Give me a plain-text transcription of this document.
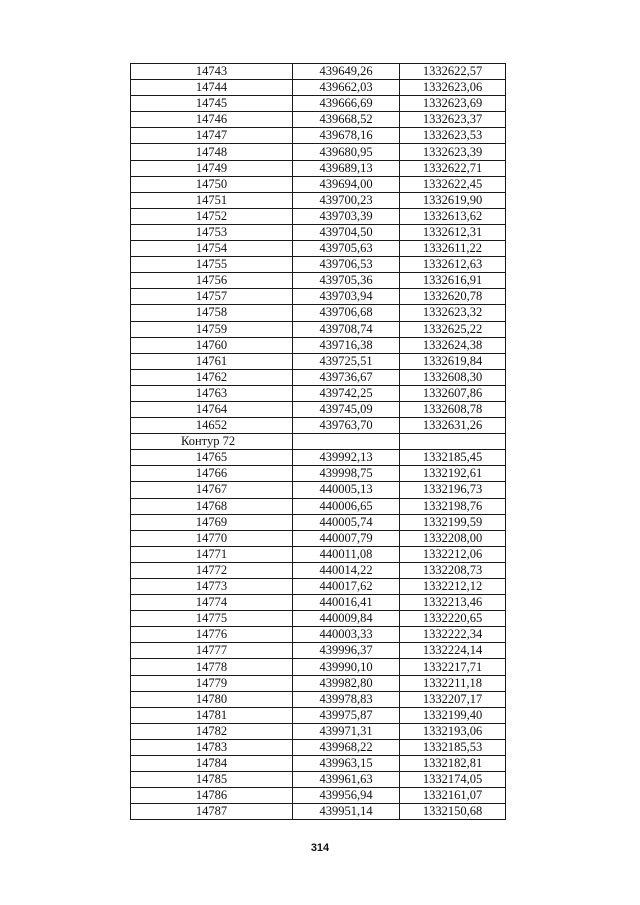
14743	439649,26	1332622,57
14744	439662,03	1332623,06
14745	439666,69	1332623,69
14746	439668,52	1332623,37
14747	439678,16	1332623,53
14748	439680,95	1332623,39
14749	439689,13	1332622,71
14750	439694,00	1332622,45
14751	439700,23	1332619,90
14752	439703,39	1332613,62
14753	439704,50	1332612,31
14754	439705,63	1332611,22
14755	439706,53	1332612,63
14756	439705,36	1332616,91
14757	439703,94	1332620,78
14758	439706,68	1332623,32
14759	439708,74	1332625,22
14760	439716,38	1332624,38
14761	439725,51	1332619,84
14762	439736,67	1332608,30
14763	439742,25	1332607,86
14764	439745,09	1332608,78
14652	439763,70	1332631,26
Контур 72		
14765	439992,13	1332185,45
14766	439998,75	1332192,61
14767	440005,13	1332196,73
14768	440006,65	1332198,76
14769	440005,74	1332199,59
14770	440007,79	1332208,00
14771	440011,08	1332212,06
14772	440014,22	1332208,73
14773	440017,62	1332212,12
14774	440016,41	1332213,46
14775	440009,84	1332220,65
14776	440003,33	1332222,34
14777	439996,37	1332224,14
14778	439990,10	1332217,71
14779	439982,80	1332211,18
14780	439978,83	1332207,17
14781	439975,87	1332199,40
14782	439971,31	1332193,06
14783	439968,22	1332185,53
14784	439963,15	1332182,81
14785	439961,63	1332174,05
14786	439956,94	1332161,07
14787	439951,14	1332150,68
314
